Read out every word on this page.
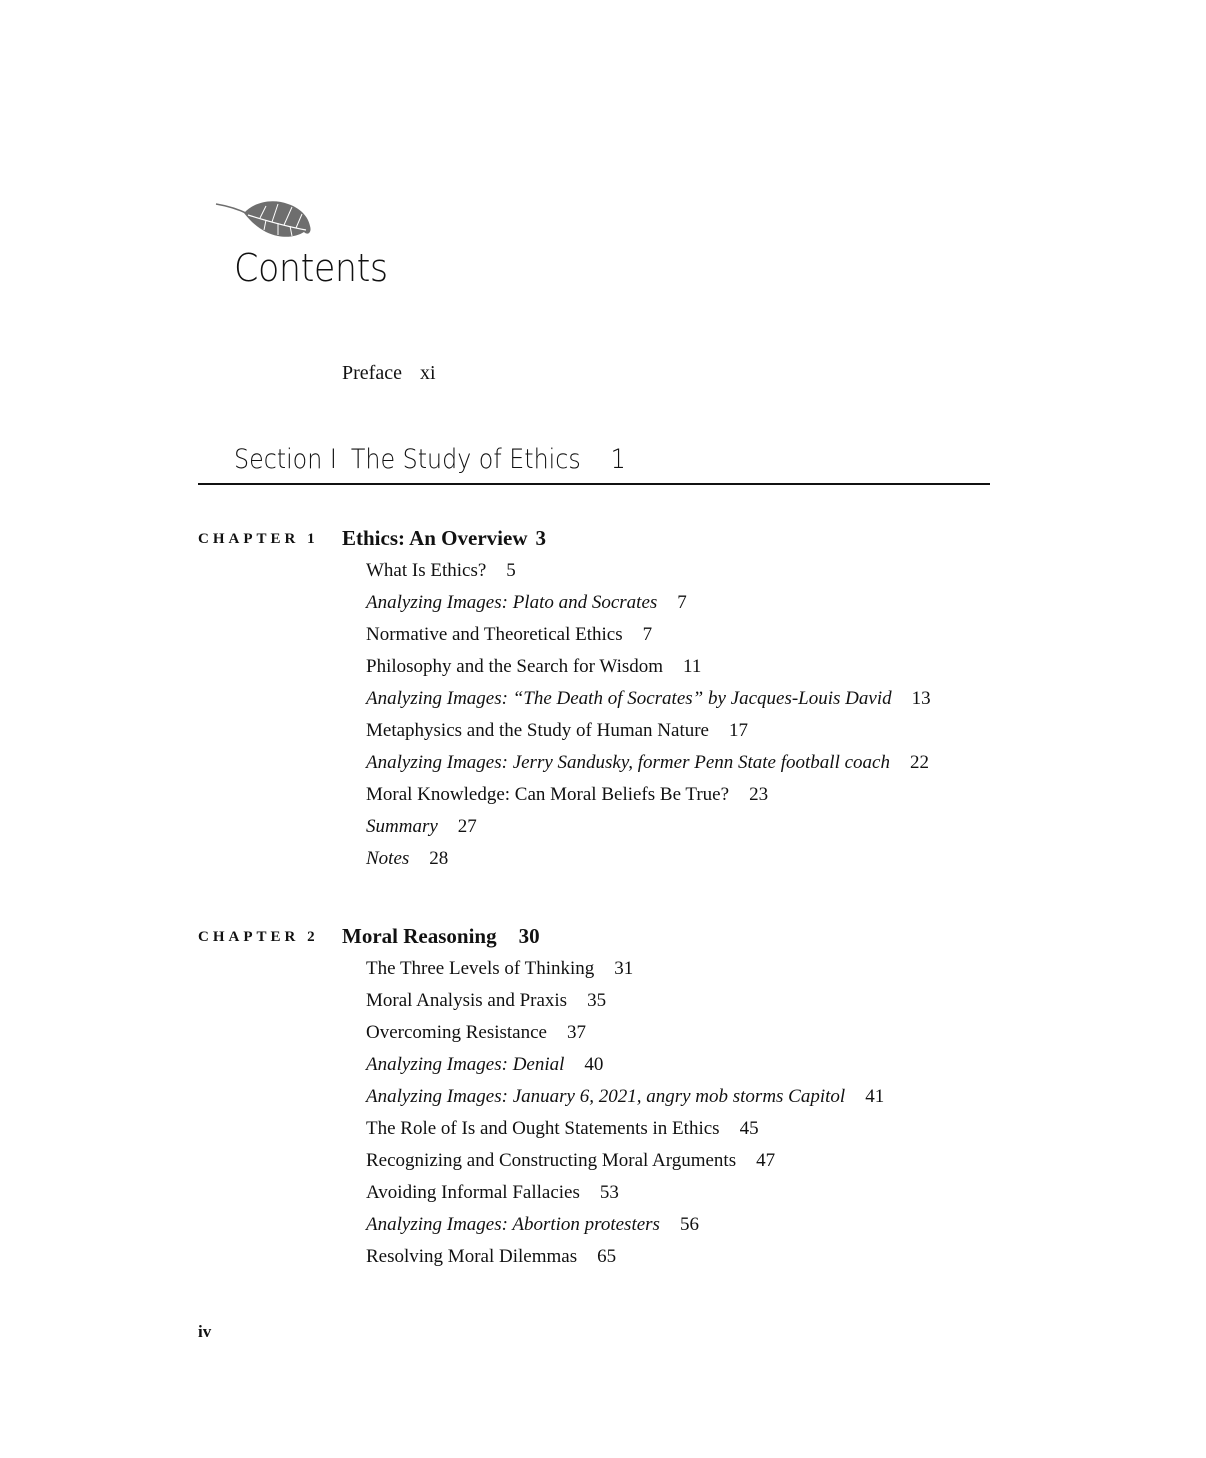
Contents
Preface xi
Section I The Study of Ethics 1
CHAPTER 1 Ethics: An Overview 3
What Is Ethics? 5
Analyzing Images: Plato and Socrates 7
Normative and Theoretical Ethics 7
Philosophy and the Search for Wisdom 11
Analyzing Images: “The Death of Socrates” by Jacques-Louis David 13
Metaphysics and the Study of Human Nature 17
Analyzing Images: Jerry Sandusky, former Penn State football coach 22
Moral Knowledge: Can Moral Beliefs Be True? 23
Summary 27
Notes 28
CHAPTER 2 Moral Reasoning 30
The Three Levels of Thinking 31
Moral Analysis and Praxis 35
Overcoming Resistance 37
Analyzing Images: Denial 40
Analyzing Images: January 6, 2021, angry mob storms Capitol 41
The Role of Is and Ought Statements in Ethics 45
Recognizing and Constructing Moral Arguments 47
Avoiding Informal Fallacies 53
Analyzing Images: Abortion protesters 56
Resolving Moral Dilemmas 65
iv
